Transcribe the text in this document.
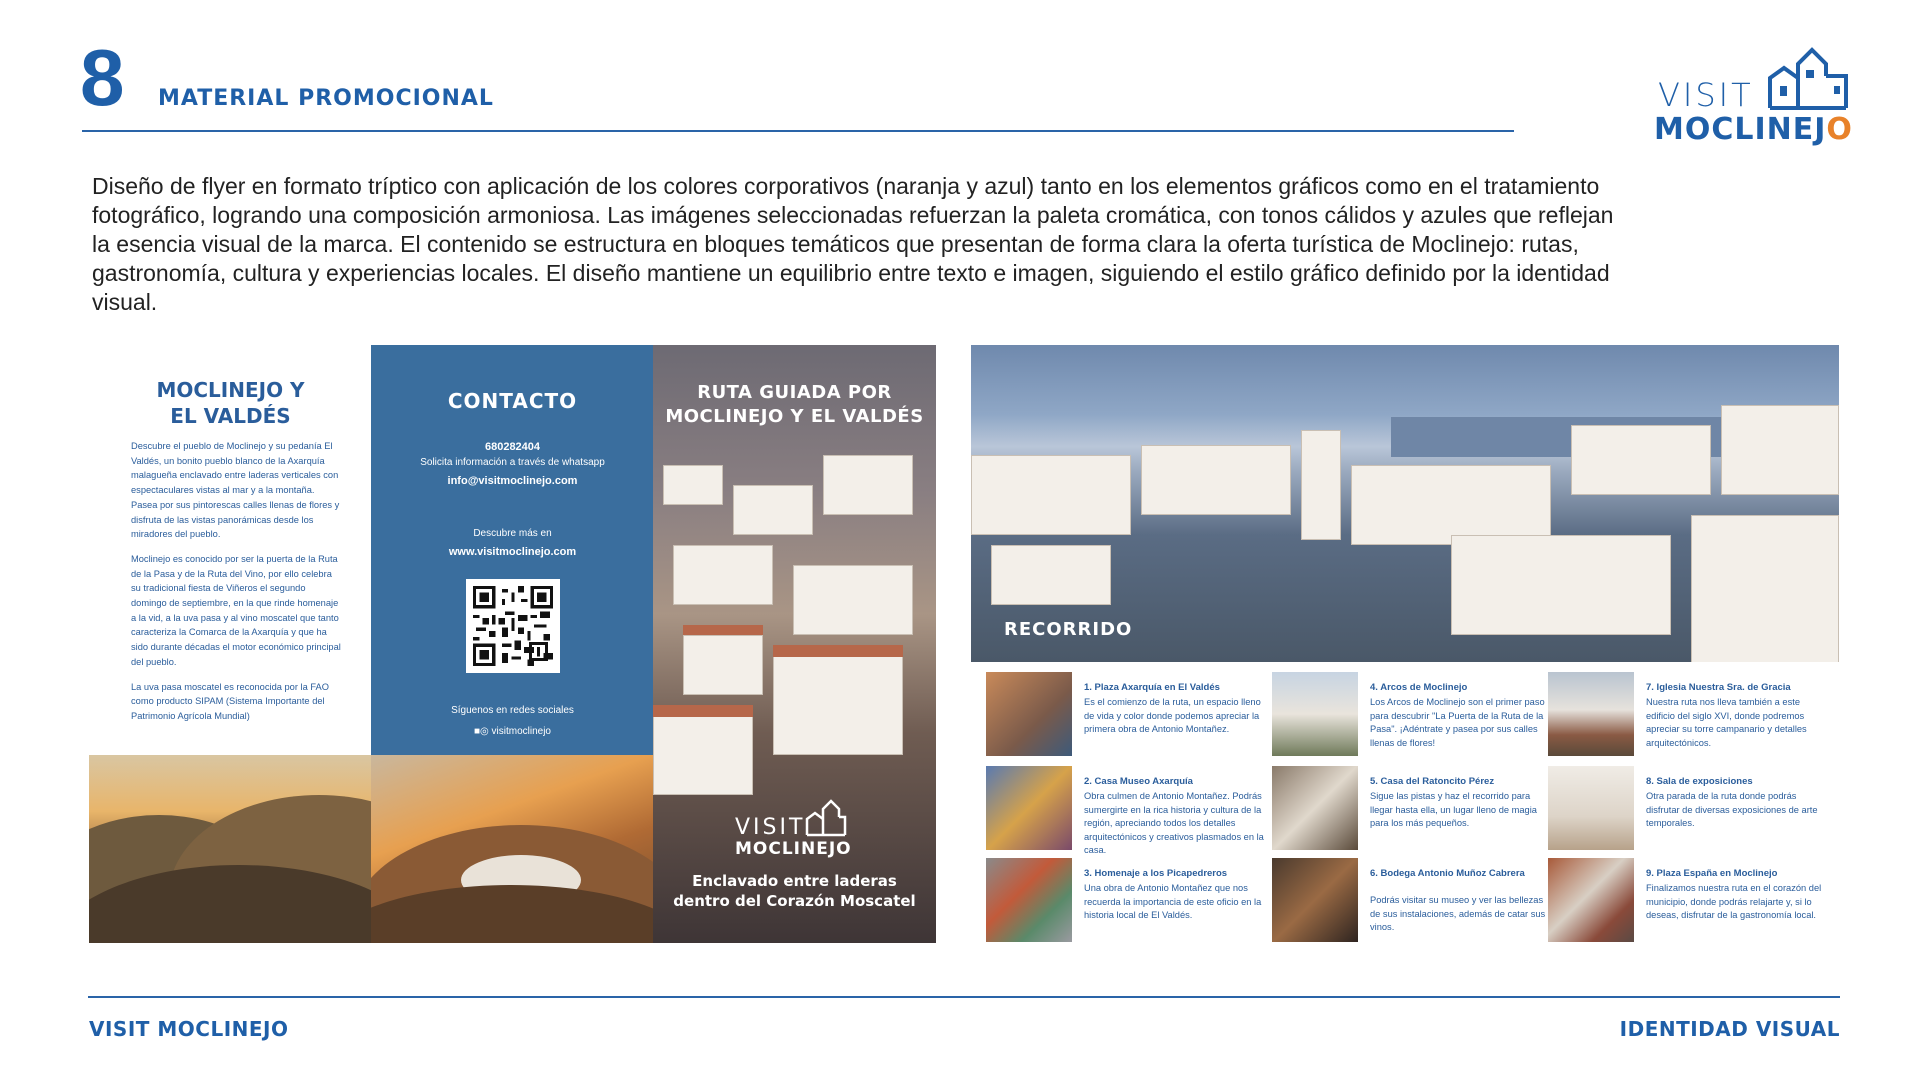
8 MATERIAL PROMOCIONAL	VISIT
MOCLINEJO
Diseño de flyer en formato tríptico con aplicación de los colores corporativos (naranja y azul) tanto en los elementos gráficos como en el tratamiento fotográfico, logrando una composición armoniosa. Las imágenes seleccionadas refuerzan la paleta cromática, con tonos cálidos y azules que reflejan la esencia visual de la marca. El contenido se estructura en bloques temáticos que presentan de forma clara la oferta turística de Moclinejo: rutas, gastronomía, cultura y experiencias locales. El diseño mantiene un equilibrio entre texto e imagen, siguiendo el estilo gráfico definido por la identidad visual.
MOCLINEJO Y
EL VALDÉS

Descubre el pueblo de Moclinejo y su pedanía El Valdés, un bonito pueblo blanco de la Axarquía malagueña enclavado entre laderas verticales con espectaculares vistas al mar y a la montaña. Pasea por sus pintorescas calles llenas de flores y disfruta de las vistas panorámicas desde los miradores del pueblo.

Moclinejo es conocido por ser la puerta de la Ruta de la Pasa y de la Ruta del Vino, por ello celebra su tradicional fiesta de Viñeros el segundo domingo de septiembre, en la que rinde homenaje a la vid, a la uva pasa y al vino moscatel que tanto caracteriza la Comarca de la Axarquía y que ha sido durante décadas el motor económico principal del pueblo.

La uva pasa moscatel es reconocida por la FAO como producto SIPAM (Sistema Importante del Patrimonio Agrícola Mundial)

CONTACTO
680282404
Solicita información a través de whatsapp
info@visitmoclinejo.com
Descubre más en
www.visitmoclinejo.com
Síguenos en redes sociales
■◎ visitmoclinejo
RUTA GUIADA POR
MOCLINEJO Y EL VALDÉS
VISIT
MOCLINEJO
Enclavado entre laderas
dentro del Corazón Moscatel
RECORRIDO
1. Plaza Axarquía en El Valdés
Es el comienzo de la ruta, un espacio lleno de vida y color donde podemos apreciar la primera obra de Antonio Montañez.
2. Casa Museo Axarquía
Obra culmen de Antonio Montañez. Podrás sumergirte en la rica historia y cultura de la región, apreciando todos los detalles arquitectónicos y creativos plasmados en la casa.
3. Homenaje a los Picapedreros
Una obra de Antonio Montañez que nos recuerda la importancia de este oficio en la historia local de El Valdés.
4. Arcos de Moclinejo
Los Arcos de Moclinejo son el primer paso para descubrir "La Puerta de la Ruta de la Pasa". ¡Adéntrate y pasea por sus calles llenas de flores!
5. Casa del Ratoncito Pérez
Sigue las pistas y haz el recorrido para llegar hasta ella, un lugar lleno de magia para los más pequeños.
6. Bodega Antonio Muñoz Cabrera
Podrás visitar su museo y ver las bellezas de sus instalaciones, además de catar sus vinos.
7. Iglesia Nuestra Sra. de Gracia
Nuestra ruta nos lleva también a este edificio del siglo XVI, donde podremos apreciar su torre campanario y detalles arquitectónicos.
8. Sala de exposiciones
Otra parada de la ruta donde podrás disfrutar de diversas exposiciones de arte temporales.
9. Plaza España en Moclinejo
Finalizamos nuestra ruta en el corazón del municipio, donde podrás relajarte y, si lo deseas, disfrutar de la gastronomía local.
VISIT MOCLINEJO	IDENTIDAD VISUAL
